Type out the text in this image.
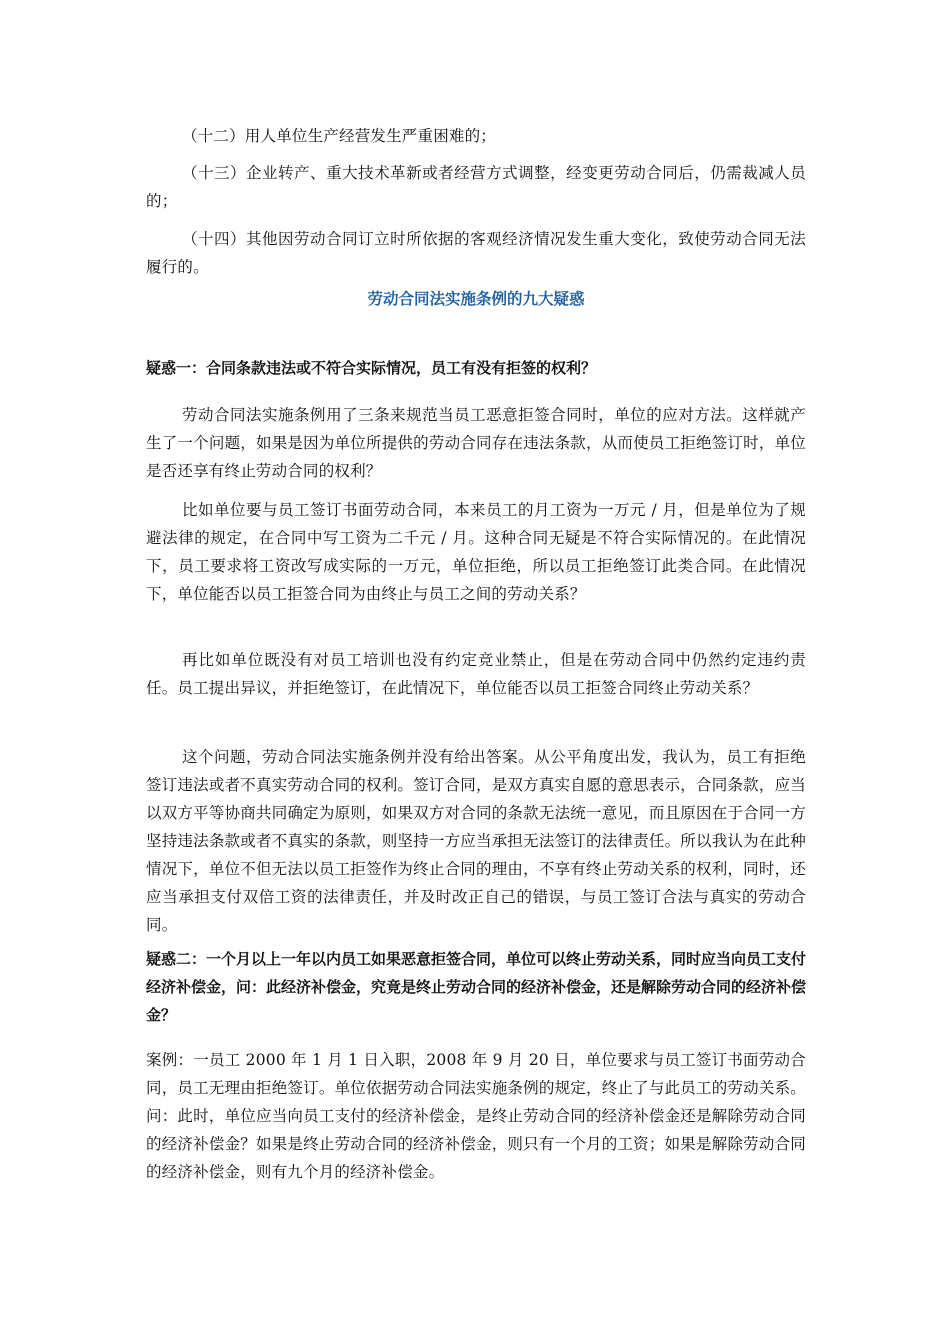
（十二）用人单位生产经营发生严重困难的；
（十三）企业转产、重大技术革新或者经营方式调整，经变更劳动合同后，仍需裁减人员的；
（十四）其他因劳动合同订立时所依据的客观经济情况发生重大变化，致使劳动合同无法履行的。
劳动合同法实施条例的九大疑惑
疑惑一：合同条款违法或不符合实际情况，员工有没有拒签的权利？
劳动合同法实施条例用了三条来规范当员工恶意拒签合同时，单位的应对方法。这样就产生了一个问题，如果是因为单位所提供的劳动合同存在违法条款，从而使员工拒绝签订时，单位是否还享有终止劳动合同的权利？
比如单位要与员工签订书面劳动合同，本来员工的月工资为一万元 / 月，但是单位为了规避法律的规定，在合同中写工资为二千元 / 月。这种合同无疑是不符合实际情况的。在此情况下，员工要求将工资改写成实际的一万元，单位拒绝，所以员工拒绝签订此类合同。在此情况下，单位能否以员工拒签合同为由终止与员工之间的劳动关系？
再比如单位既没有对员工培训也没有约定竞业禁止，但是在劳动合同中仍然约定违约责任。员工提出异议，并拒绝签订，在此情况下，单位能否以员工拒签合同终止劳动关系？
这个问题，劳动合同法实施条例并没有给出答案。从公平角度出发，我认为，员工有拒绝签订违法或者不真实劳动合同的权利。签订合同，是双方真实自愿的意思表示，合同条款，应当以双方平等协商共同确定为原则，如果双方对合同的条款无法统一意见，而且原因在于合同一方坚持违法条款或者不真实的条款，则坚持一方应当承担无法签订的法律责任。所以我认为在此种情况下，单位不但无法以员工拒签作为终止合同的理由，不享有终止劳动关系的权利，同时，还应当承担支付双倍工资的法律责任，并及时改正自己的错误，与员工签订合法与真实的劳动合同。
疑惑二：一个月以上一年以内员工如果恶意拒签合同，单位可以终止劳动关系，同时应当向员工支付经济补偿金，问：此经济补偿金，究竟是终止劳动合同的经济补偿金，还是解除劳动合同的经济补偿金？
案例：一员工 2000 年 1 月 1 日入职，2008 年 9 月 20 日，单位要求与员工签订书面劳动合同，员工无理由拒绝签订。单位依据劳动合同法实施条例的规定，终止了与此员工的劳动关系。问：此时，单位应当向员工支付的经济补偿金，是终止劳动合同的经济补偿金还是解除劳动合同的经济补偿金？如果是终止劳动合同的经济补偿金，则只有一个月的工资；如果是解除劳动合同的经济补偿金，则有九个月的经济补偿金。
